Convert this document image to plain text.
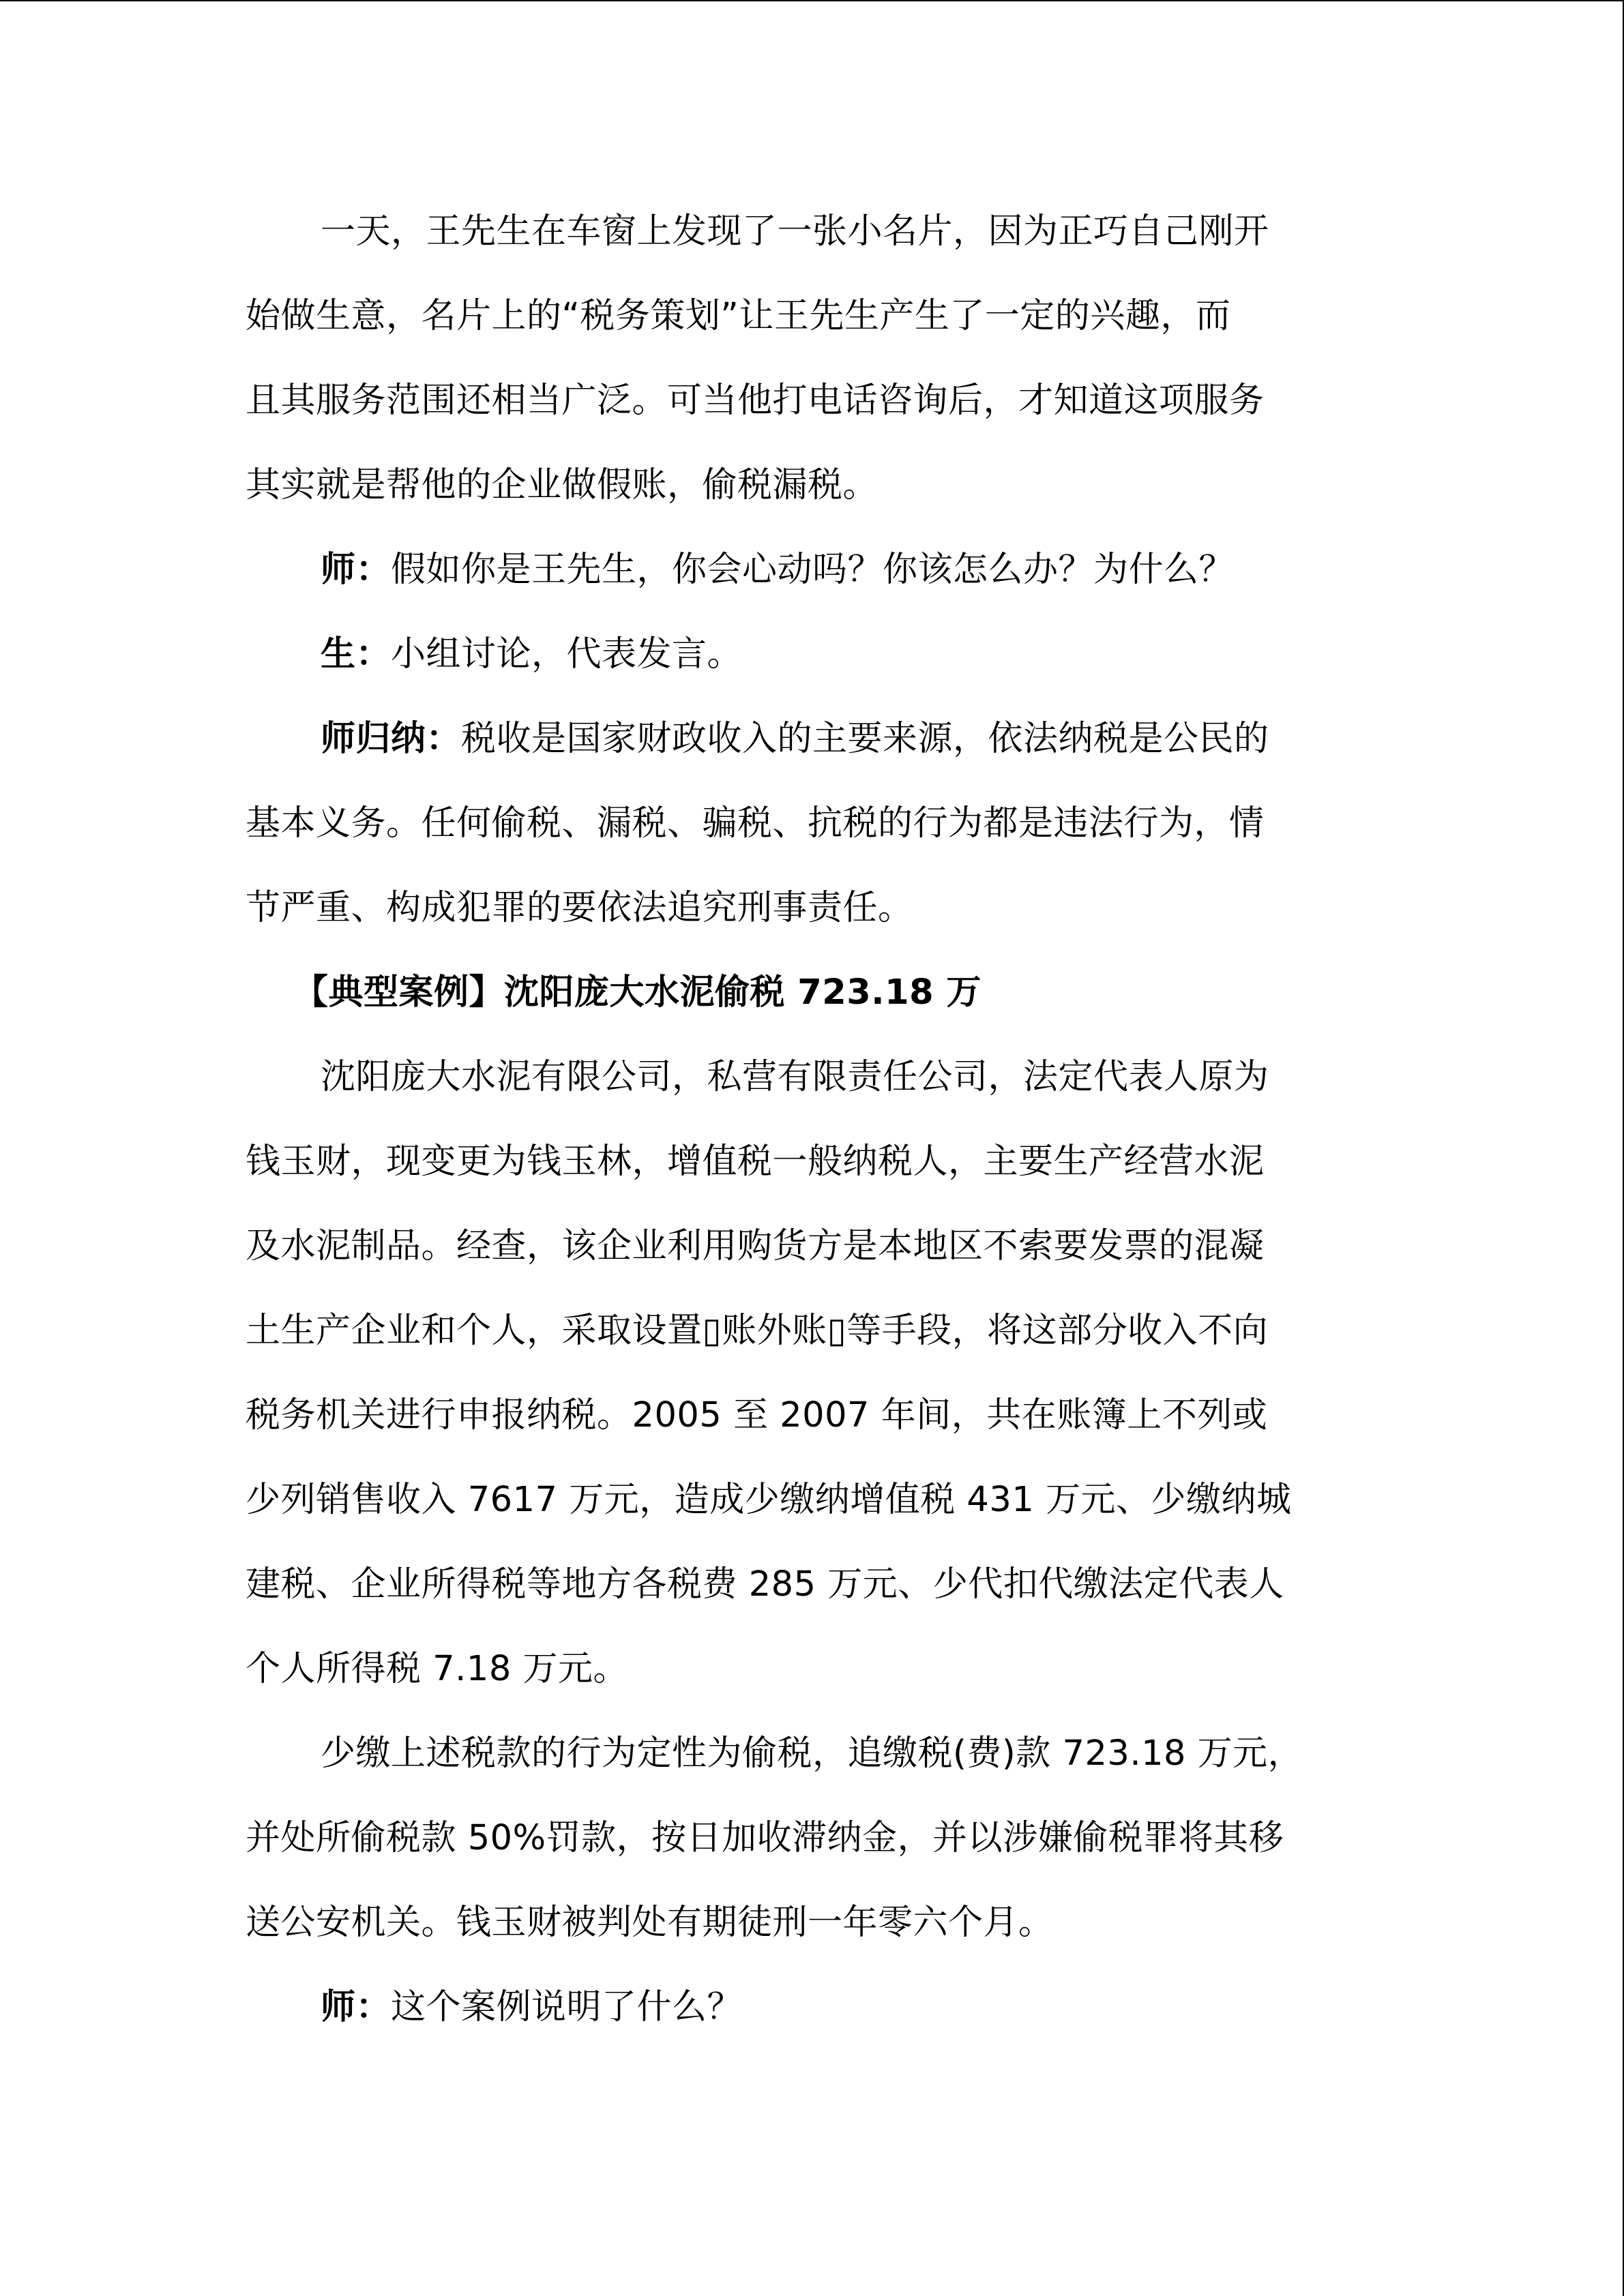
一天，王先生在车窗上发现了一张小名片，因为正巧自己刚开
始做生意，名片上的“税务策划”让王先生产生了一定的兴趣，而
且其服务范围还相当广泛。可当他打电话咨询后，才知道这项服务
其实就是帮他的企业做假账，偷税漏税。
师：假如你是王先生，你会心动吗？你该怎么办？为什么？
生：小组讨论，代表发言。
师归纳：税收是国家财政收入的主要来源，依法纳税是公民的
基本义务。任何偷税、漏税、骗税、抗税的行为都是违法行为，情
节严重、构成犯罪的要依法追究刑事责任。
【典型案例】沈阳庞大水泥偷税 723.18 万
沈阳庞大水泥有限公司，私营有限责任公司，法定代表人原为
钱玉财，现变更为钱玉林，增值税一般纳税人，主要生产经营水泥
及水泥制品。经查，该企业利用购货方是本地区不索要发票的混凝
土生产企业和个人，采取设置▯账外账▯等手段，将这部分收入不向
税务机关进行申报纳税。2005 至 2007 年间，共在账簿上不列或
少列销售收入 7617 万元，造成少缴纳增值税 431 万元、少缴纳城
建税、企业所得税等地方各税费 285 万元、少代扣代缴法定代表人
个人所得税 7.18 万元。
少缴上述税款的行为定性为偷税，追缴税(费)款 723.18 万元，
并处所偷税款 50%罚款，按日加收滞纳金，并以涉嫌偷税罪将其移
送公安机关。钱玉财被判处有期徒刑一年零六个月。
师：这个案例说明了什么？
